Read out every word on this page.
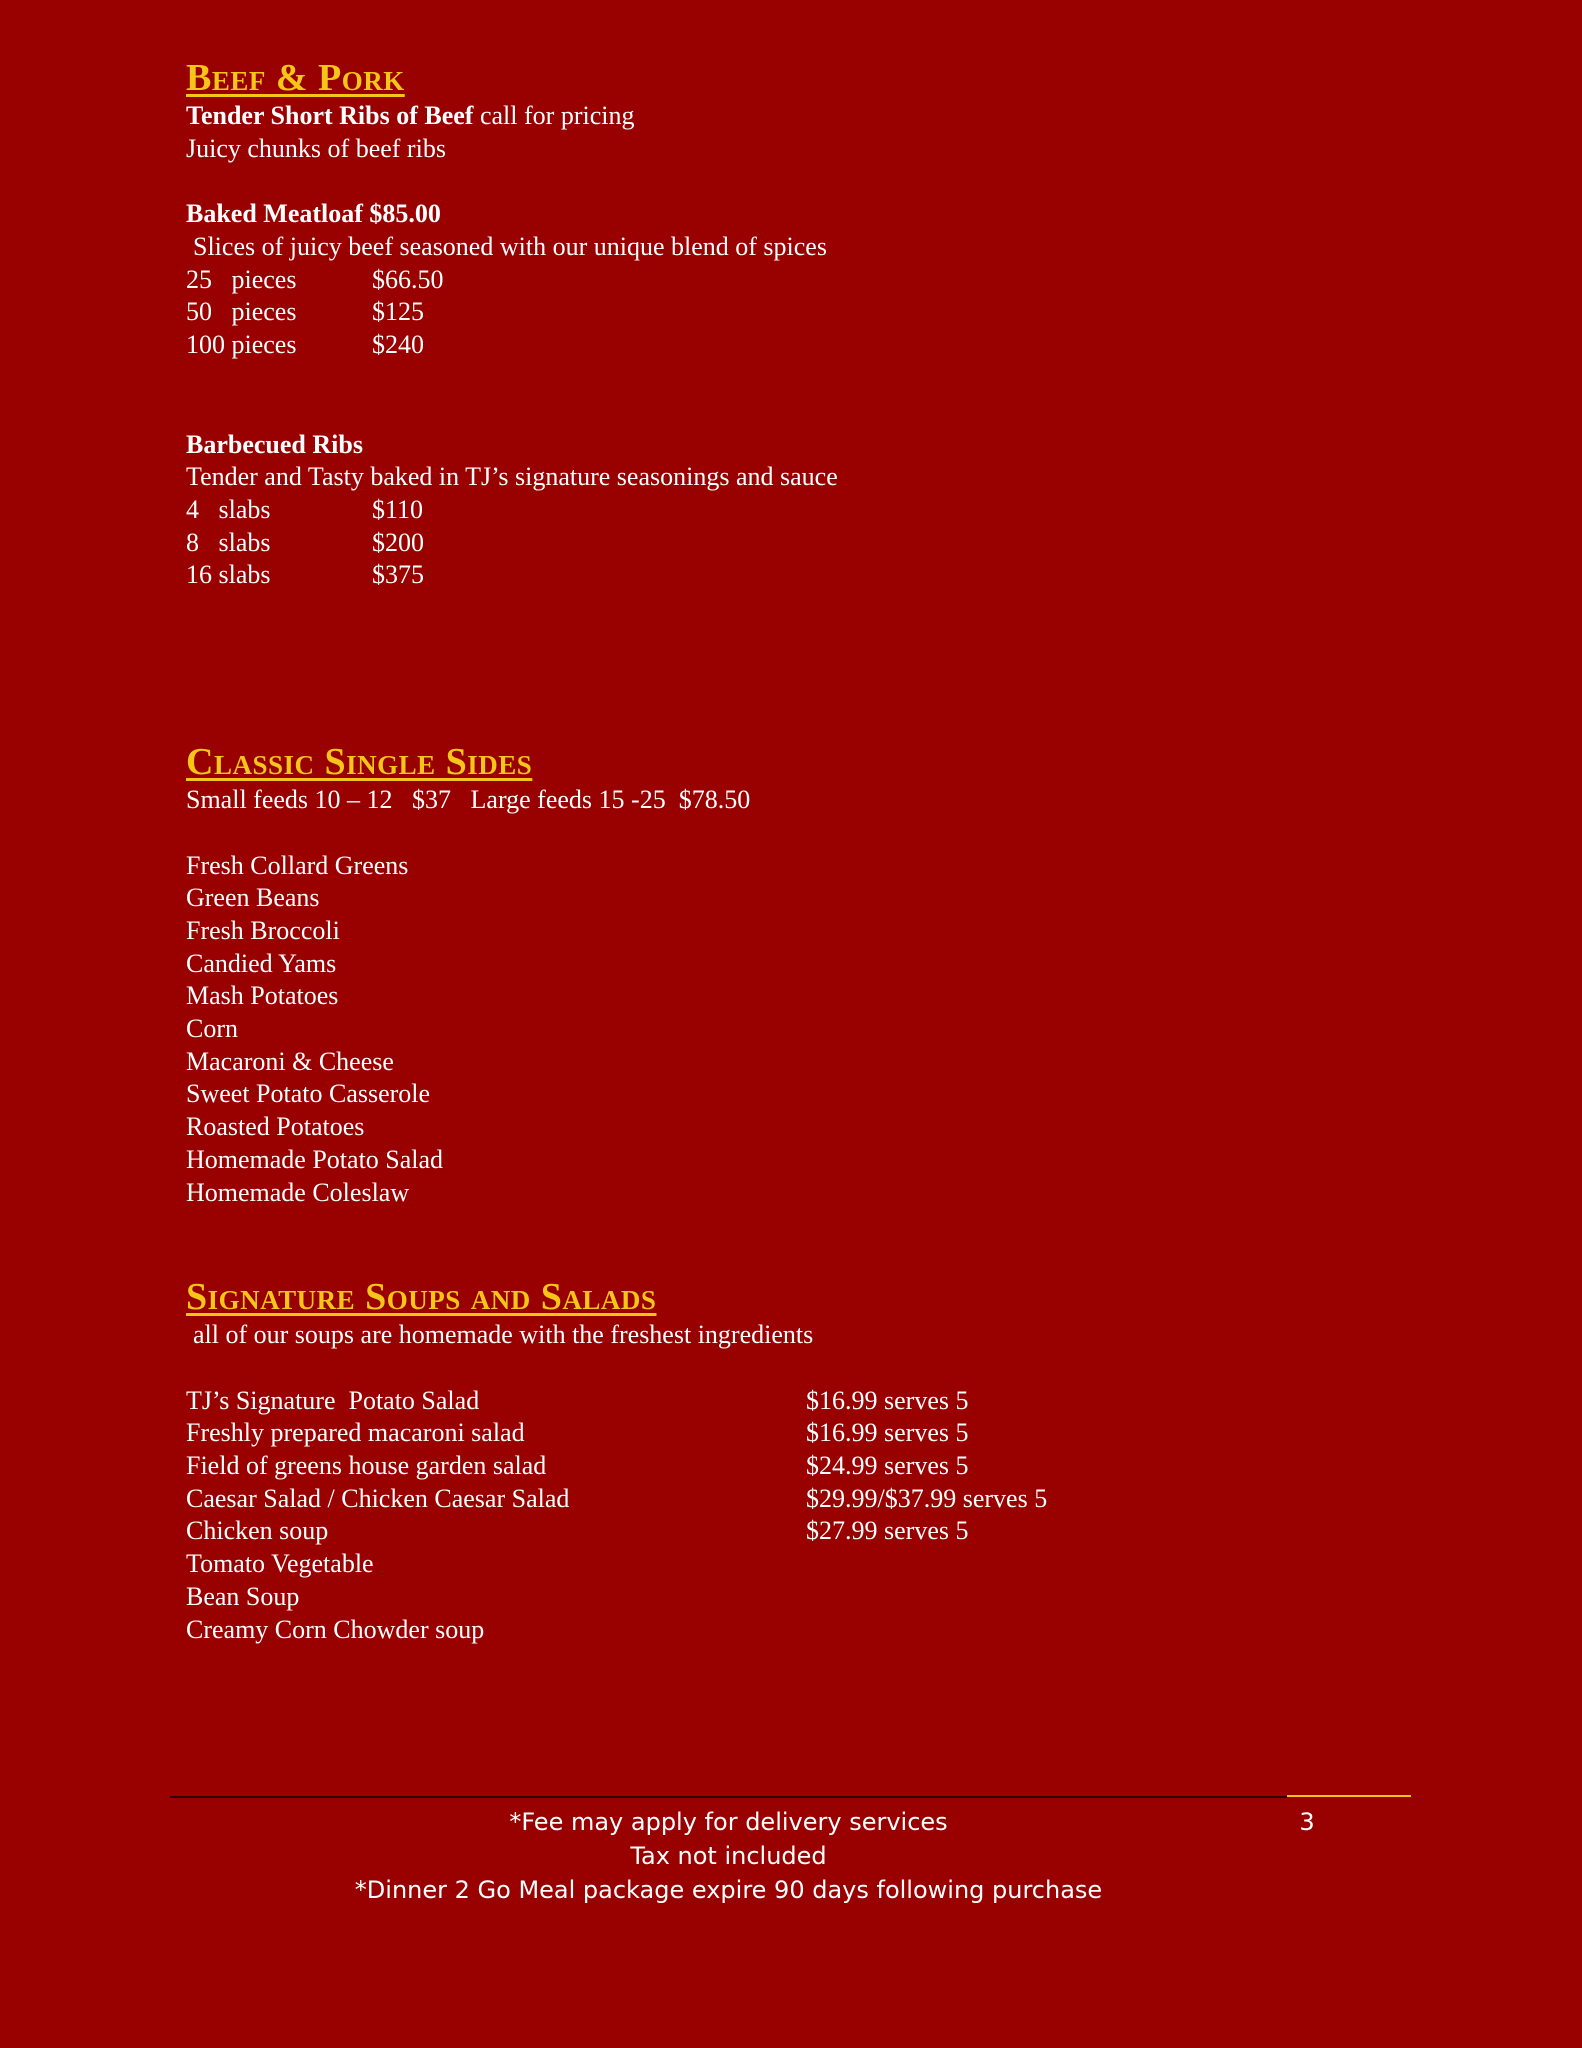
Beef & Pork
Tender Short Ribs of Beef call for pricing
Juicy chunks of beef ribs
Baked Meatloaf $85.00
Slices of juicy beef seasoned with our unique blend of spices
25   pieces	$66.50
50   pieces	$125
100 pieces	$240
Barbecued Ribs
Tender and Tasty baked in TJ’s signature seasonings and sauce
4   slabs	$110
8   slabs	$200
16 slabs	$375
Classic Single Sides
Small feeds 10 – 12   $37   Large feeds 15 -25  $78.50
Fresh Collard Greens
Green Beans
Fresh Broccoli
Candied Yams
Mash Potatoes
Corn
Macaroni & Cheese
Sweet Potato Casserole
Roasted Potatoes
Homemade Potato Salad
Homemade Coleslaw
Signature Soups and Salads
all of our soups are homemade with the freshest ingredients
TJ’s Signature  Potato Salad	$16.99 serves 5
Freshly prepared macaroni salad	$16.99 serves 5
Field of greens house garden salad	$24.99 serves 5
Caesar Salad / Chicken Caesar Salad	$29.99/$37.99 serves 5
Chicken soup	$27.99 serves 5
Tomato Vegetable
Bean Soup
Creamy Corn Chowder soup
*Fee may apply for delivery services
Tax not included
*Dinner 2 Go Meal package expire 90 days following purchase
3
